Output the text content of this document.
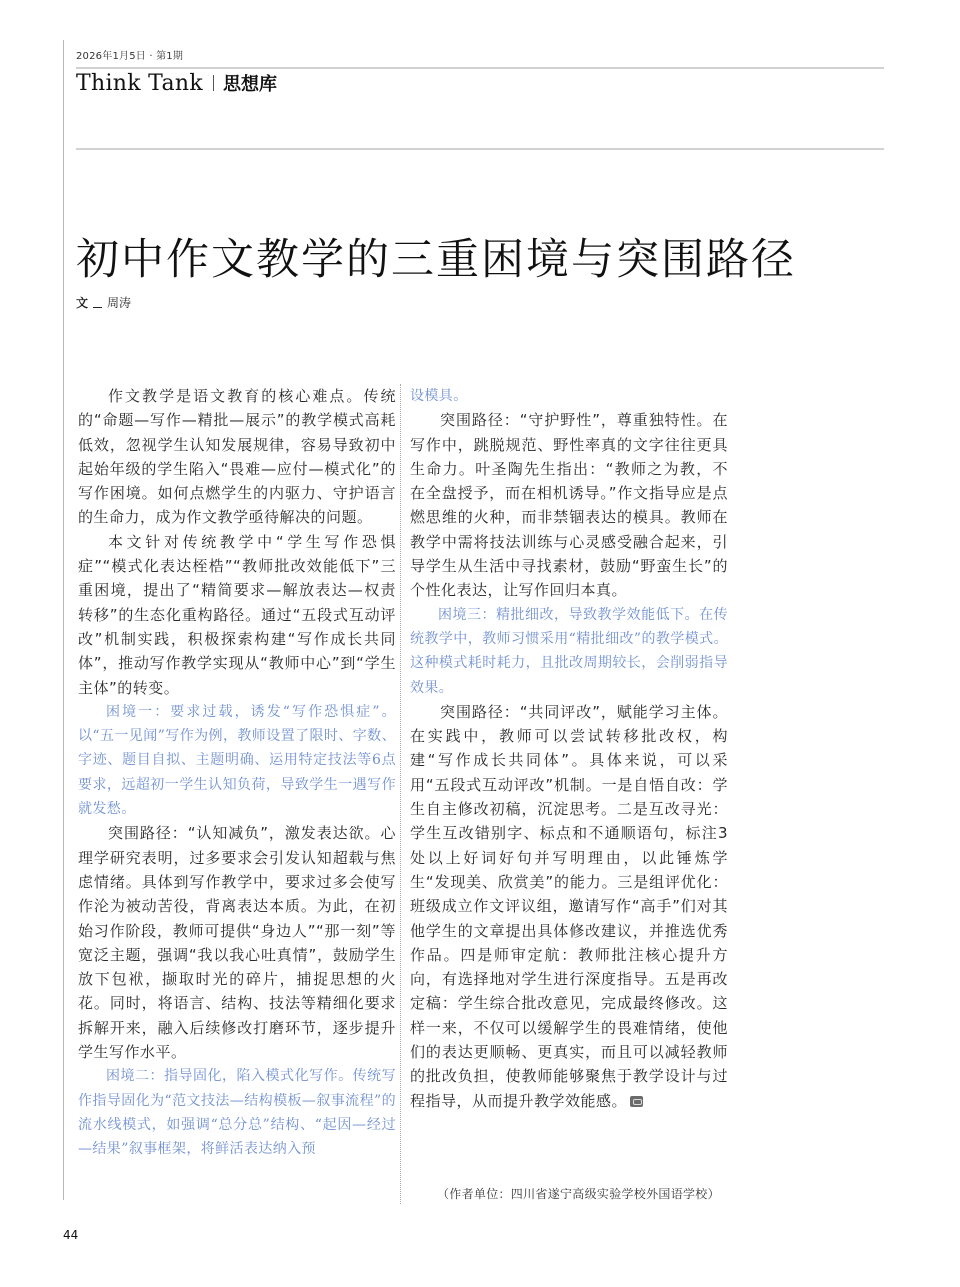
2026年1月5日 · 第1期
Think Tank 思想库
初中作文教学的三重困境与突围路径
文 周涛

作文教学是语文教育的核心难点。传统的“命题—写作—精批—展示”的教学模式高耗低效，忽视学生认知发展规律，容易导致初中起始年级的学生陷入“畏难—应付—模式化”的写作困境。如何点燃学生的内驱力、守护语言的生命力，成为作文教学亟待解决的问题。

本文针对传统教学中“学生写作恐惧症”“模式化表达桎梏”“教师批改效能低下”三重困境，提出了“精简要求—解放表达—权责转移”的生态化重构路径。通过“五段式互动评改”机制实践，积极探索构建“写作成长共同体”，推动写作教学实现从“教师中心”到“学生主体”的转变。

困境一：要求过载，诱发“写作恐惧症”。以“五一见闻”写作为例，教师设置了限时、字数、字迹、题目自拟、主题明确、运用特定技法等6点要求，远超初一学生认知负荷，导致学生一遇写作就发愁。

突围路径：“认知减负”，激发表达欲。心理学研究表明，过多要求会引发认知超载与焦虑情绪。具体到写作教学中，要求过多会使写作沦为被动苦役，背离表达本质。为此，在初始习作阶段，教师可提供“身边人”“那一刻”等宽泛主题，强调“我以我心吐真情”，鼓励学生放下包袱，撷取时光的碎片，捕捉思想的火花。同时，将语言、结构、技法等精细化要求拆解开来，融入后续修改打磨环节，逐步提升学生写作水平。

困境二：指导固化，陷入模式化写作。传统写作指导固化为“范文技法—结构模板—叙事流程”的流水线模式，如强调“总分总”结构、“起因—经过—结果”叙事框架，将鲜活表达纳入预

设模具。

突围路径：“守护野性”，尊重独特性。在写作中，跳脱规范、野性率真的文字往往更具生命力。叶圣陶先生指出：“教师之为教，不在全盘授予，而在相机诱导。”作文指导应是点燃思维的火种，而非禁锢表达的模具。教师在教学中需将技法训练与心灵感受融合起来，引导学生从生活中寻找素材，鼓励“野蛮生长”的个性化表达，让写作回归本真。

困境三：精批细改，导致教学效能低下。在传统教学中，教师习惯采用“精批细改”的教学模式。这种模式耗时耗力，且批改周期较长，会削弱指导效果。

突围路径：“共同评改”，赋能学习主体。在实践中，教师可以尝试转移批改权，构建“写作成长共同体”。具体来说，可以采用“五段式互动评改”机制。一是自悟自改：学生自主修改初稿，沉淀思考。二是互改寻光：学生互改错别字、标点和不通顺语句，标注3处以上好词好句并写明理由，以此锤炼学生“发现美、欣赏美”的能力。三是组评优化：班级成立作文评议组，邀请写作“高手”们对其他学生的文章提出具体修改建议，并推选优秀作品。四是师审定航：教师批注核心提升方向，有选择地对学生进行深度指导。五是再改定稿：学生综合批改意见，完成最终修改。这样一来，不仅可以缓解学生的畏难情绪，使他们的表达更顺畅、更真实，而且可以减轻教师的批改负担，使教师能够聚焦于教学设计与过程指导，从而提升教学效能感。

（作者单位：四川省遂宁高级实验学校外国语学校）
44
